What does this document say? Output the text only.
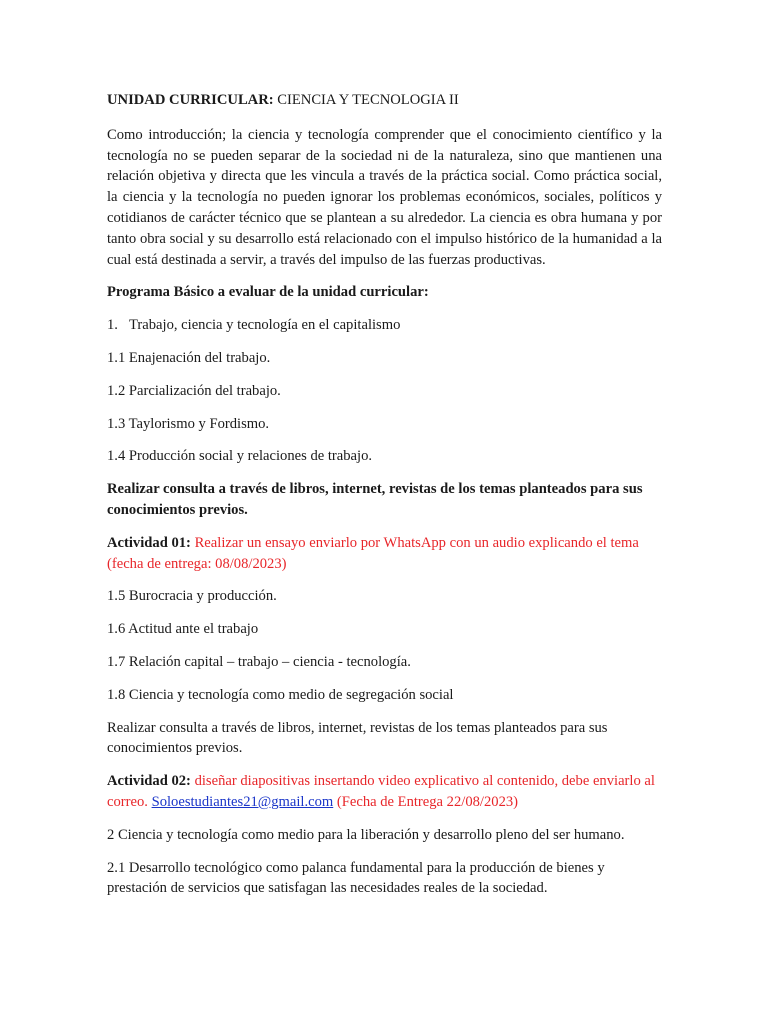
UNIDAD CURRICULAR: CIENCIA Y TECNOLOGIA II

Como introducción; la ciencia y tecnología comprender que el conocimiento científico y la tecnología no se pueden separar de la sociedad ni de la naturaleza, sino que mantienen una relación objetiva y directa que les vincula a través de la práctica social. Como práctica social, la ciencia y la tecnología no pueden ignorar los problemas económicos, sociales, políticos y cotidianos de carácter técnico que se plantean a su alrededor. La ciencia es obra humana y por tanto obra social y su desarrollo está relacionado con el impulso histórico de la humanidad a la cual está destinada a servir, a través del impulso de las fuerzas productivas.

Programa Básico a evaluar de la unidad curricular:

1. Trabajo, ciencia y tecnología en el capitalismo

1.1 Enajenación del trabajo.

1.2 Parcialización del trabajo.

1.3 Taylorismo y Fordismo.

1.4 Producción social y relaciones de trabajo.

Realizar consulta a través de libros, internet, revistas de los temas planteados para sus conocimientos previos.

Actividad 01: Realizar un ensayo enviarlo por WhatsApp con un audio explicando el tema (fecha de entrega: 08/08/2023)

1.5 Burocracia y producción.

1.6 Actitud ante el trabajo

1.7 Relación capital – trabajo – ciencia - tecnología.

1.8 Ciencia y tecnología como medio de segregación social

Realizar consulta a través de libros, internet, revistas de los temas planteados para sus conocimientos previos.

Actividad 02: diseñar diapositivas insertando video explicativo al contenido, debe enviarlo al correo. Soloestudiantes21@gmail.com (Fecha de Entrega 22/08/2023)

2 Ciencia y tecnología como medio para la liberación y desarrollo pleno del ser humano.

2.1 Desarrollo tecnológico como palanca fundamental para la producción de bienes y prestación de servicios que satisfagan las necesidades reales de la sociedad.
